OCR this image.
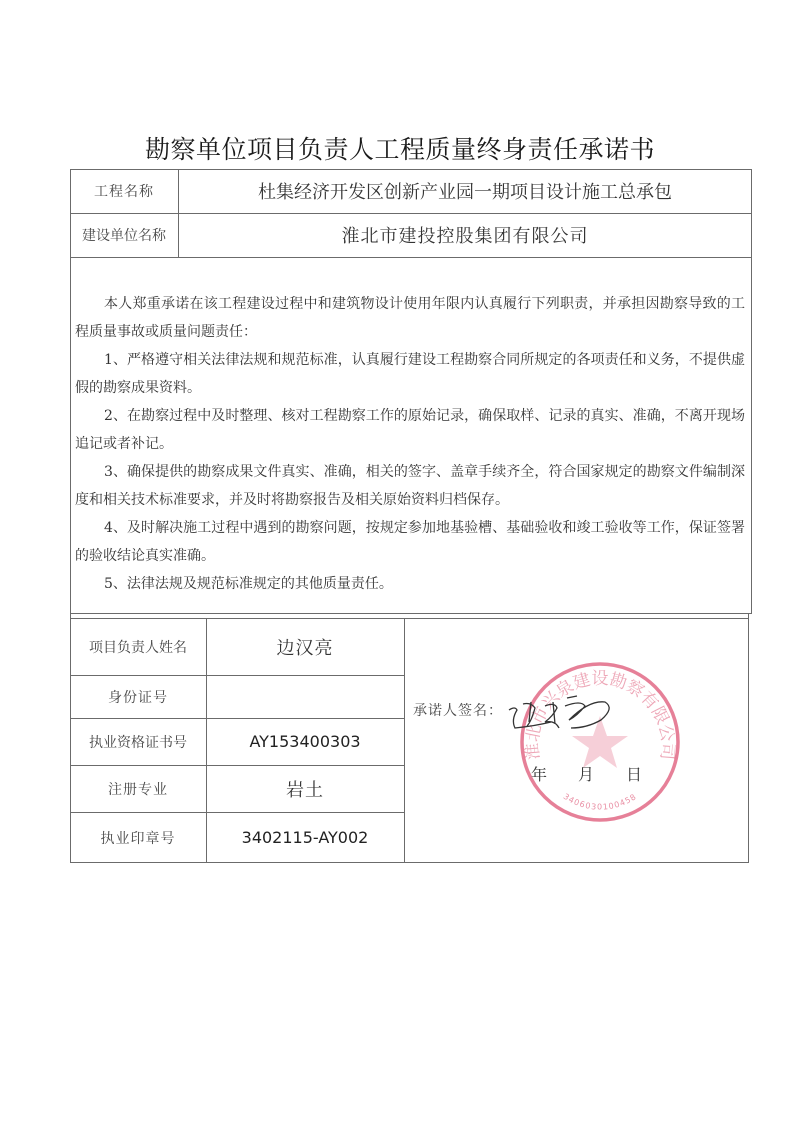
勘察单位项目负责人工程质量终身责任承诺书
工程名称	杜集经济开发区创新产业园一期项目设计施工总承包
建设单位名称	淮北市建投控股集团有限公司

本人郑重承诺在该工程建设过程中和建筑物设计使用年限内认真履行下列职责，并承担因勘察导致的工程质量事故或质量问题责任：

1、严格遵守相关法律法规和规范标准，认真履行建设工程勘察合同所规定的各项责任和义务，不提供虚假的勘察成果资料。

2、在勘察过程中及时整理、核对工程勘察工作的原始记录，确保取样、记录的真实、准确，不离开现场追记或者补记。

3、确保提供的勘察成果文件真实、准确，相关的签字、盖章手续齐全，符合国家规定的勘察文件编制深度和相关技术标准要求，并及时将勘察报告及相关原始资料归档保存。

4、及时解决施工过程中遇到的勘察问题，按规定参加地基验槽、基础验收和竣工验收等工作，保证签署的验收结论真实准确。

5、法律法规及规范标准规定的其他质量责任。

项目负责人姓名	边汉亮
身份证号
执业资格证书号	AY153400303
注册专业	岩土
执业印章号	3402115-AY002
淮北市兴泉建设勘察有限公司
3406030100458
承诺人签名：
年 月 日
